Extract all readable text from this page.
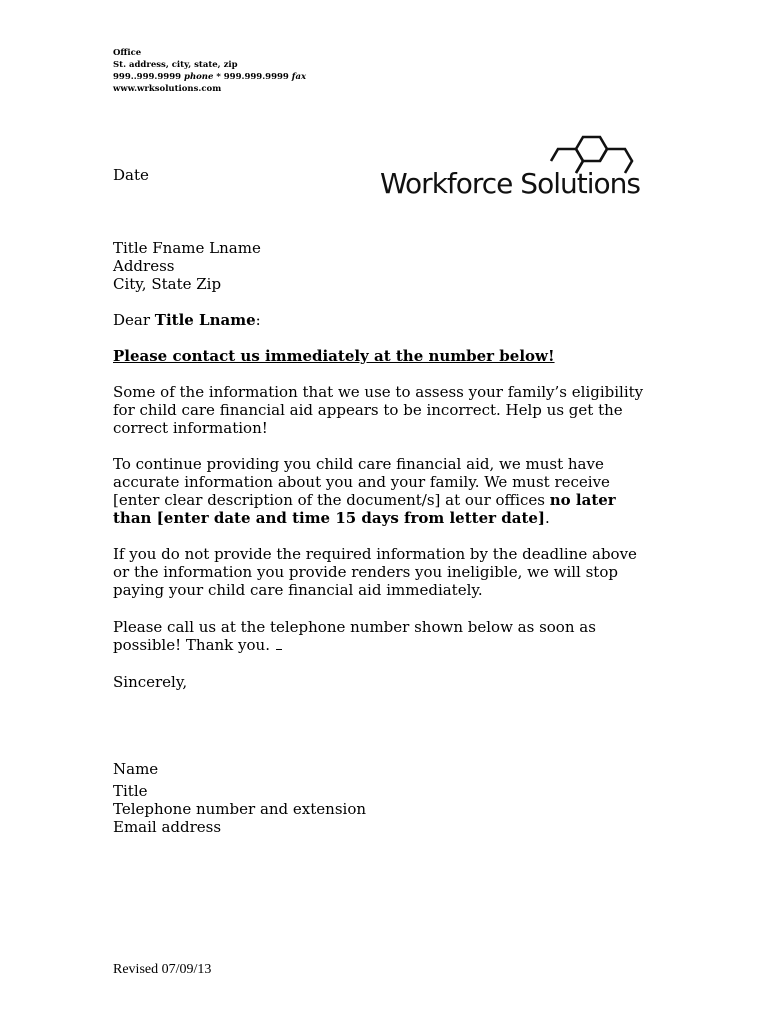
Office
St. address, city, state, zip
999..999.9999 phone * 999.999.9999 fax
www.wrksolutions.com
Workforce Solutions
Date
Title Fname Lname
Address
City, State Zip
Dear Title Lname:
Please contact us immediately at the number below!
Some of the information that we use to assess your family’s eligibility
for child care financial aid appears to be incorrect. Help us get the
correct information!
To continue providing you child care financial aid, we must have
accurate information about you and your family. We must receive
[enter clear description of the document/s] at our offices no later
than [enter date and time 15 days from letter date].
If you do not provide the required information by the deadline above
or the information you provide renders you ineligible, we will stop
paying your child care financial aid immediately.
Please call us at the telephone number shown below as soon as
possible! Thank you.
Sincerely,
Name
Title
Telephone number and extension
Email address
Revised 07/09/13
